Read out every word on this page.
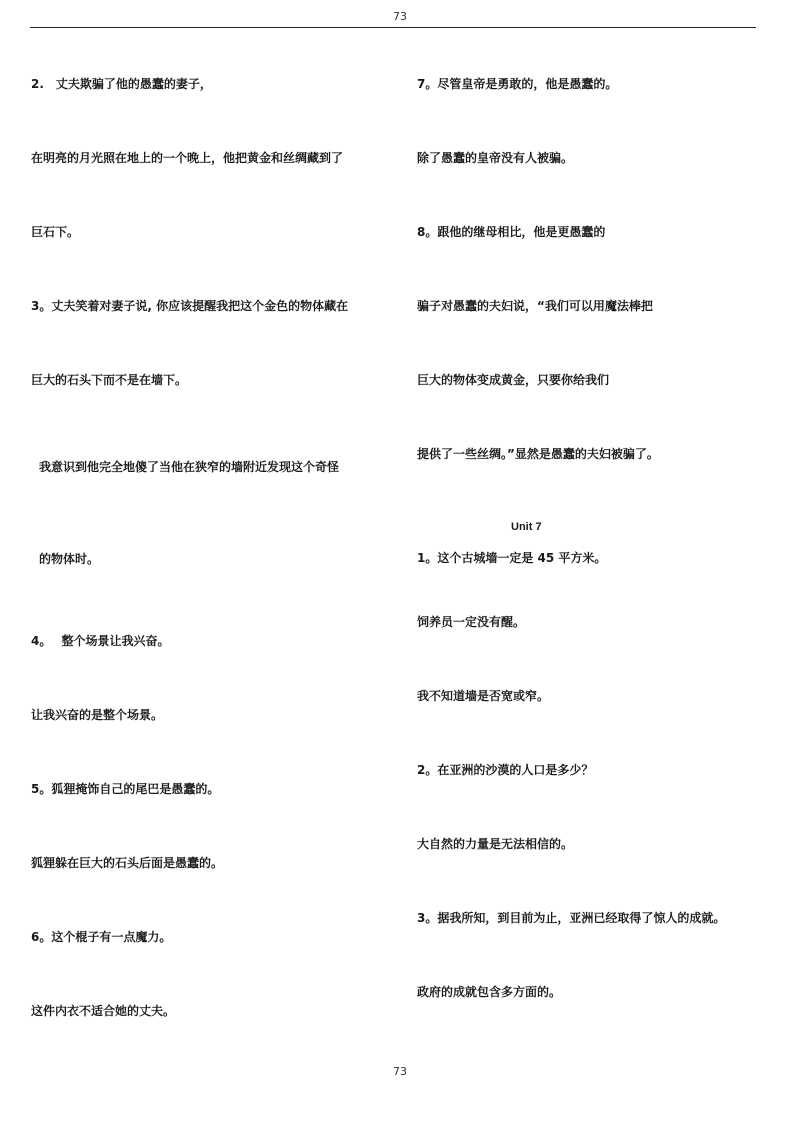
73
2.　丈夫欺骗了他的愚蠢的妻子，
在明亮的月光照在地上的一个晚上，他把黄金和丝绸藏到了
巨石下。
3。丈夫笑着对妻子说, 你应该提醒我把这个金色的物体藏在
巨大的石头下而不是在墙下。
我意识到他完全地傻了当他在狭窄的墙附近发现这个奇怪
的物体时。
4。　 整个场景让我兴奋。
让我兴奋的是整个场景。
5。狐狸掩饰自己的尾巴是愚蠢的。
狐狸躲在巨大的石头后面是愚蠢的。
6。这个棍子有一点魔力。
这件内衣不适合她的丈夫。
7。尽管皇帝是勇敢的，他是愚蠢的。
除了愚蠢的皇帝没有人被骗。
8。跟他的继母相比，他是更愚蠢的
骗子对愚蠢的夫妇说，“我们可以用魔法棒把
巨大的物体变成黄金，只要你给我们
提供了一些丝绸。”显然是愚蠢的夫妇被骗了。
Unit 7
1。这个古城墙一定是 45 平方米。
饲养员一定没有醒。
我不知道墙是否宽或窄。
2。在亚洲的沙漠的人口是多少？
大自然的力量是无法相信的。
3。据我所知，到目前为止，亚洲已经取得了惊人的成就。
政府的成就包含多方面的。
73
